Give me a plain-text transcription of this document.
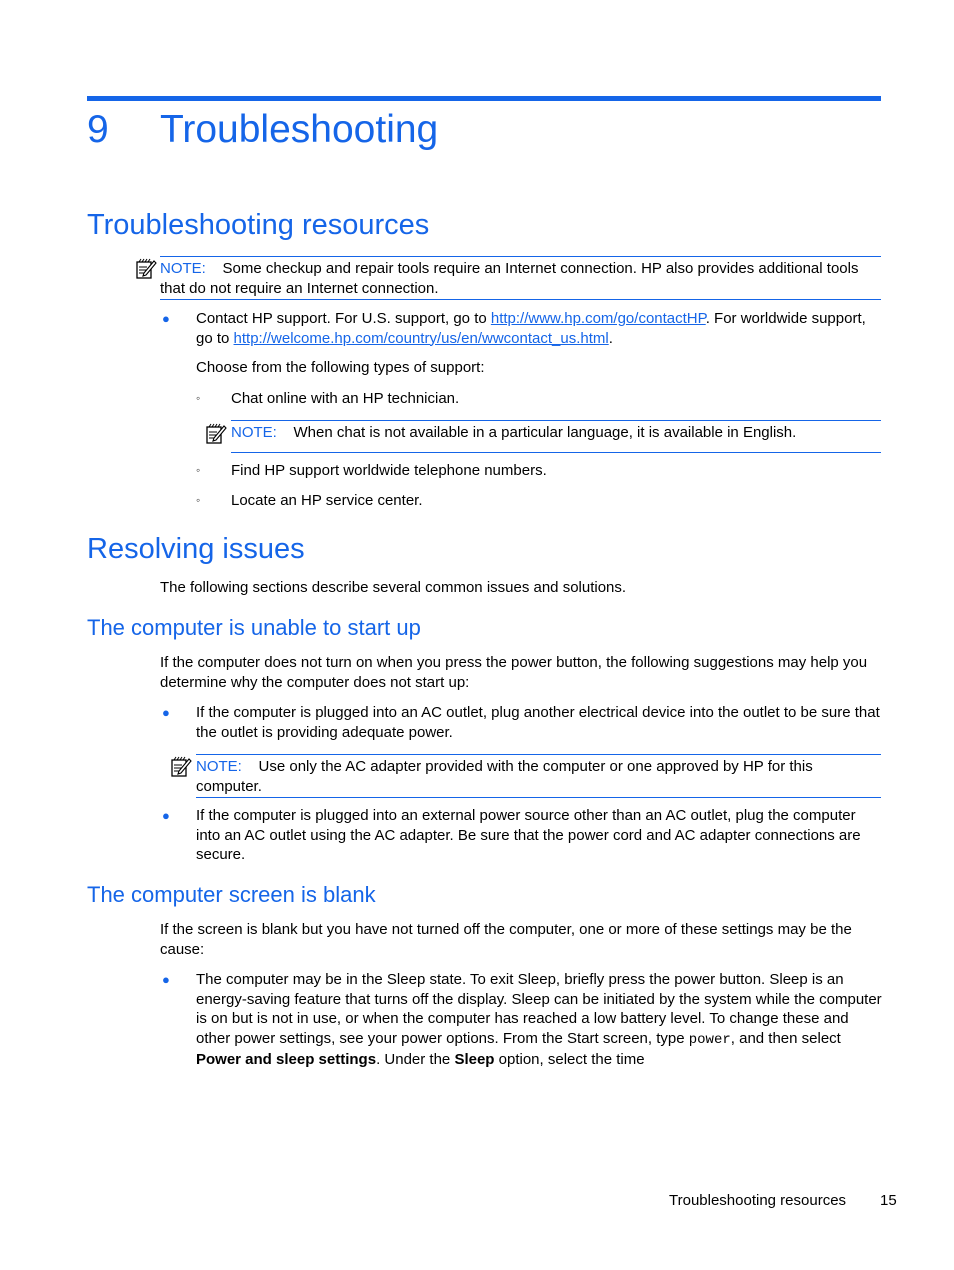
9 Troubleshooting
Troubleshooting resources
NOTE: Some checkup and repair tools require an Internet connection. HP also provides additional tools that do not require an Internet connection.
● Contact HP support. For U.S. support, go to http://www.hp.com/go/contactHP. For worldwide support, go to http://welcome.hp.com/country/us/en/wwcontact_us.html.
Choose from the following types of support:
◦ Chat online with an HP technician.
NOTE: When chat is not available in a particular language, it is available in English.
◦ Find HP support worldwide telephone numbers.
◦ Locate an HP service center.
Resolving issues
The following sections describe several common issues and solutions.
The computer is unable to start up
If the computer does not turn on when you press the power button, the following suggestions may help you determine why the computer does not start up:
● If the computer is plugged into an AC outlet, plug another electrical device into the outlet to be sure that the outlet is providing adequate power.
NOTE: Use only the AC adapter provided with the computer or one approved by HP for this computer.
● If the computer is plugged into an external power source other than an AC outlet, plug the computer into an AC outlet using the AC adapter. Be sure that the power cord and AC adapter connections are secure.
The computer screen is blank
If the screen is blank but you have not turned off the computer, one or more of these settings may be the cause:
● The computer may be in the Sleep state. To exit Sleep, briefly press the power button. Sleep is an energy-saving feature that turns off the display. Sleep can be initiated by the system while the computer is on but is not in use, or when the computer has reached a low battery level. To change these and other power settings, see your power options. From the Start screen, type power, and then select Power and sleep settings. Under the Sleep option, select the time
Troubleshooting resources 15
